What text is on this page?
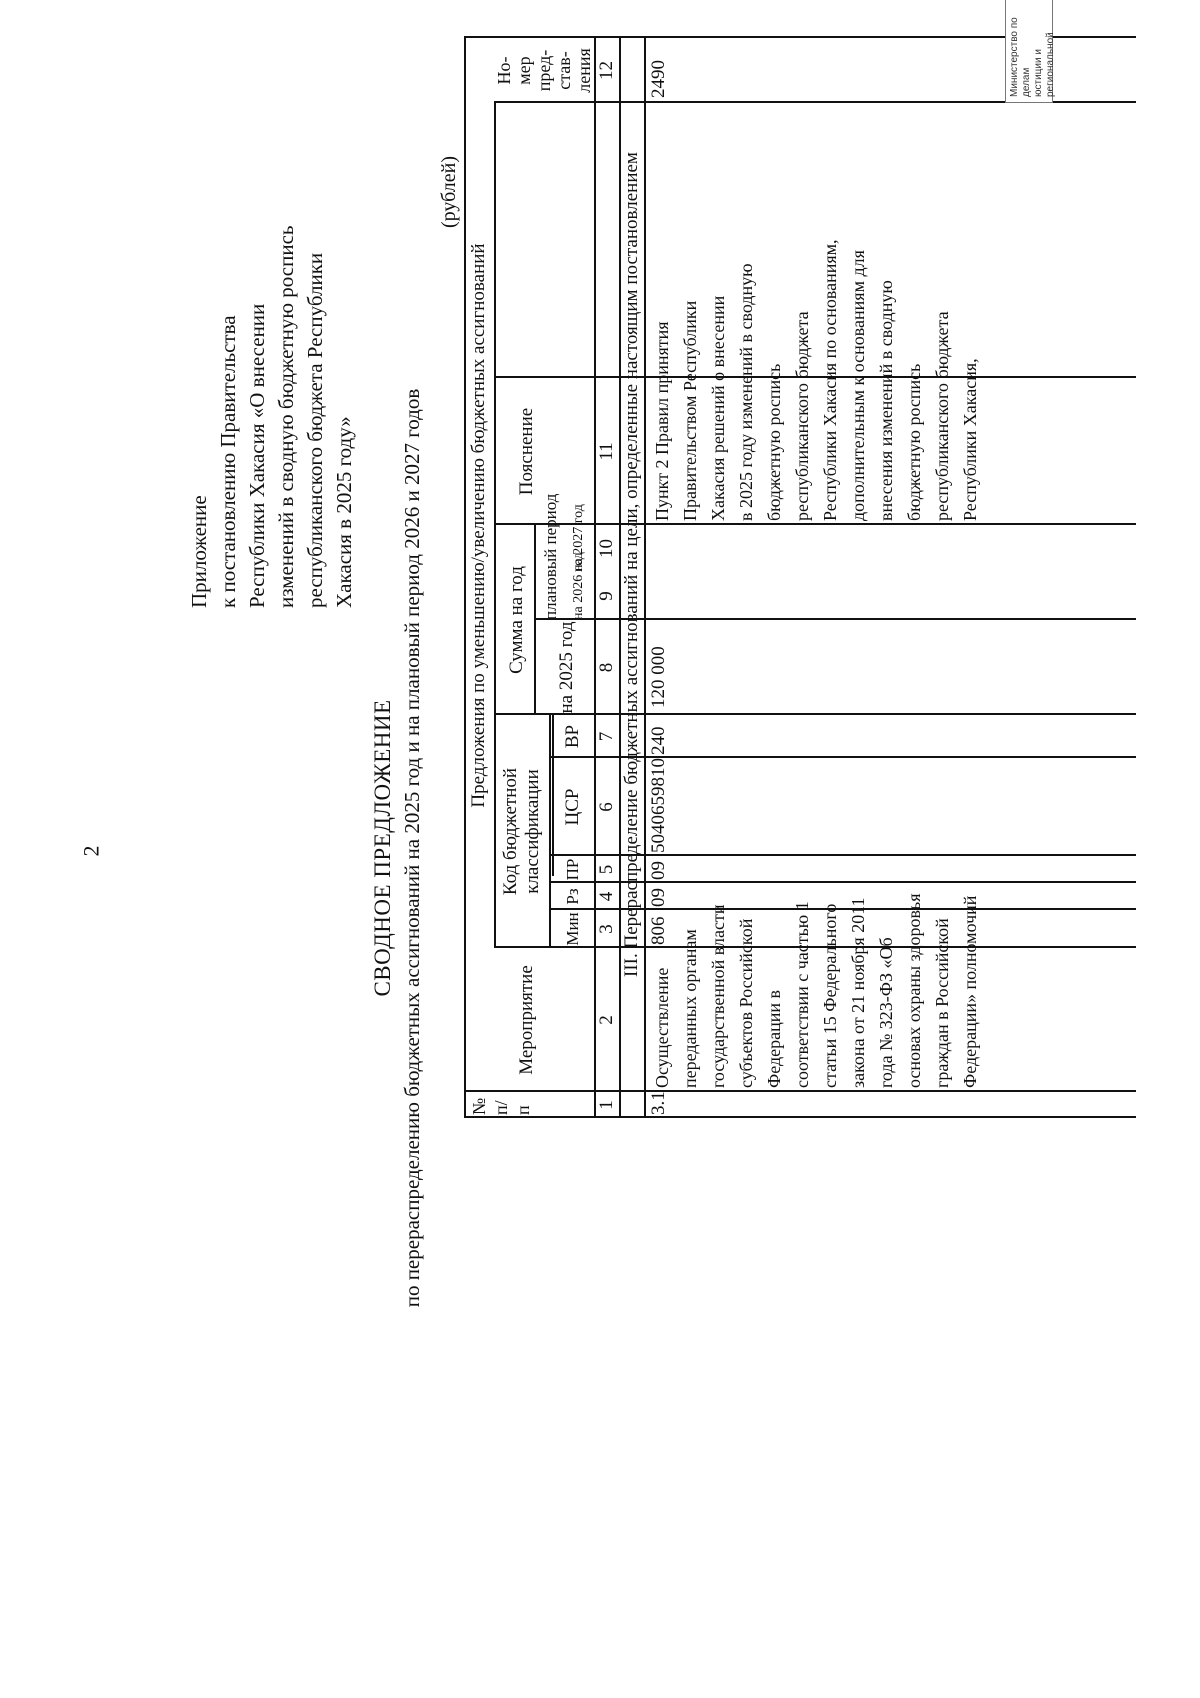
2
Приложение к постановлению Правительства Республики Хакасия «О внесении изменений в сводную бюджетную роспись республиканского бюджета Республики Хакасия в 2025 году»
СВОДНОЕ ПРЕДЛОЖЕНИЕ по перераспределению бюджетных ассигнований на 2025 год и на плановый период 2026 и 2027 годов
(рублей)
№ п/п
Мероприятие
Предложения по уменьшению/увеличению бюджетных ассигнований
Код бюджетной классификации
Мин
Рз
ПР
ЦСР
ВР
Сумма на год на 2025 год
плановый период на 2026 год
на 2027 год
Пояснение
Но- мер пред- став- ления
1
2
3
4
5
6
7
8
9
10
11
12
III. Перераспределение бюджетных ассигнований на цели, определенные настоящим постановлением
3.1
Осуществление переданных органам государственной власти субъектов Российской Федерации в соответствии с частью 1 статьи 15 Федерального закона от 21 ноября 2011 года № 323-ФЗ «Об основах охраны здоровья граждан в Российской Федерации» полномочий
806
09
09
5040659810
240
120 000
Пункт 2 Правил принятия Правительством Республики Хакасия решений о внесении в 2025 году изменений в сводную бюджетную роспись республиканского бюджета Республики Хакасия по основаниям, дополнительным к основаниям для внесения изменений в сводную бюджетную роспись республиканского бюджета Республики Хакасия,
2490	Министерство по делам юстиции и региональной
